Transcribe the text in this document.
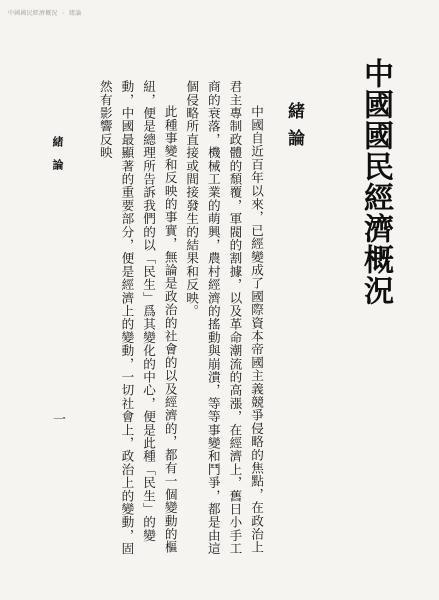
中國國民經濟概況 · 緒論
中國國民經濟概況
緒論

中國自近百年以來，已經變成了國際資本帝國主義競爭侵略的焦點，在政治上君主專制政體的頹覆，軍閥的割據，以及革命潮流的高漲，在經濟上，舊日小手工商的衰落，機械工業的萌興，農村經濟的搖動與崩潰，等等事變和鬥爭，都是由這個侵略所直接或間接發生的結果和反映。

此種事變和反映的事實，無論是政治的社會的以及經濟的，都有一個變動的樞紐，便是總理所告訴我們的以「民生」爲其變化的中心，便是此種「民生」的變動，中國最顯著的重要部分，便是經濟上的變動，一切社會上，政治上的變動，固然有影響反映

緒論
一
